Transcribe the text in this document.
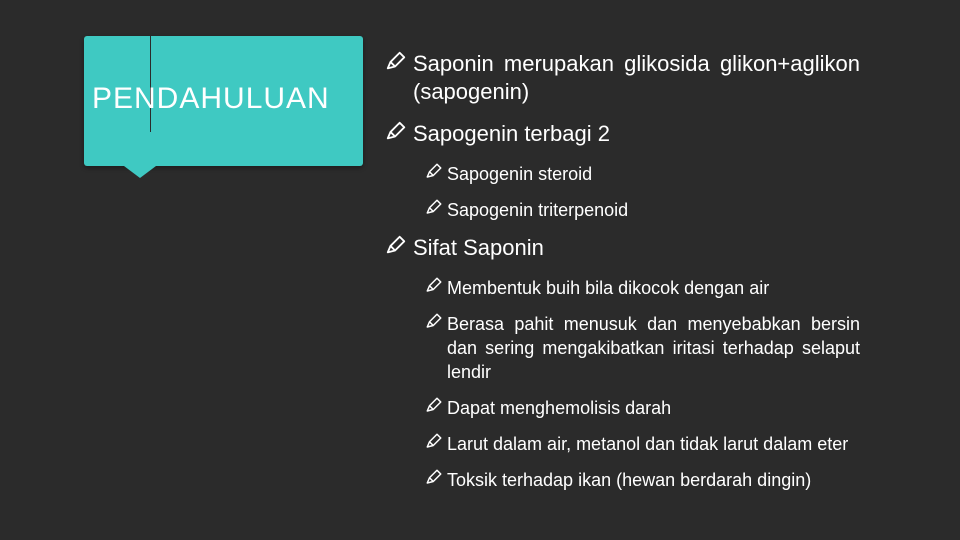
PENDAHULUAN
Saponin merupakan glikosida glikon+aglikon (sapogenin)
Sapogenin terbagi 2
Sapogenin steroid
Sapogenin triterpenoid
Sifat Saponin
Membentuk buih bila dikocok dengan air
Berasa pahit menusuk dan menyebabkan bersin dan sering mengakibatkan iritasi terhadap selaput lendir
Dapat menghemolisis darah
Larut dalam air, metanol dan tidak larut dalam eter
Toksik terhadap ikan (hewan berdarah dingin)
